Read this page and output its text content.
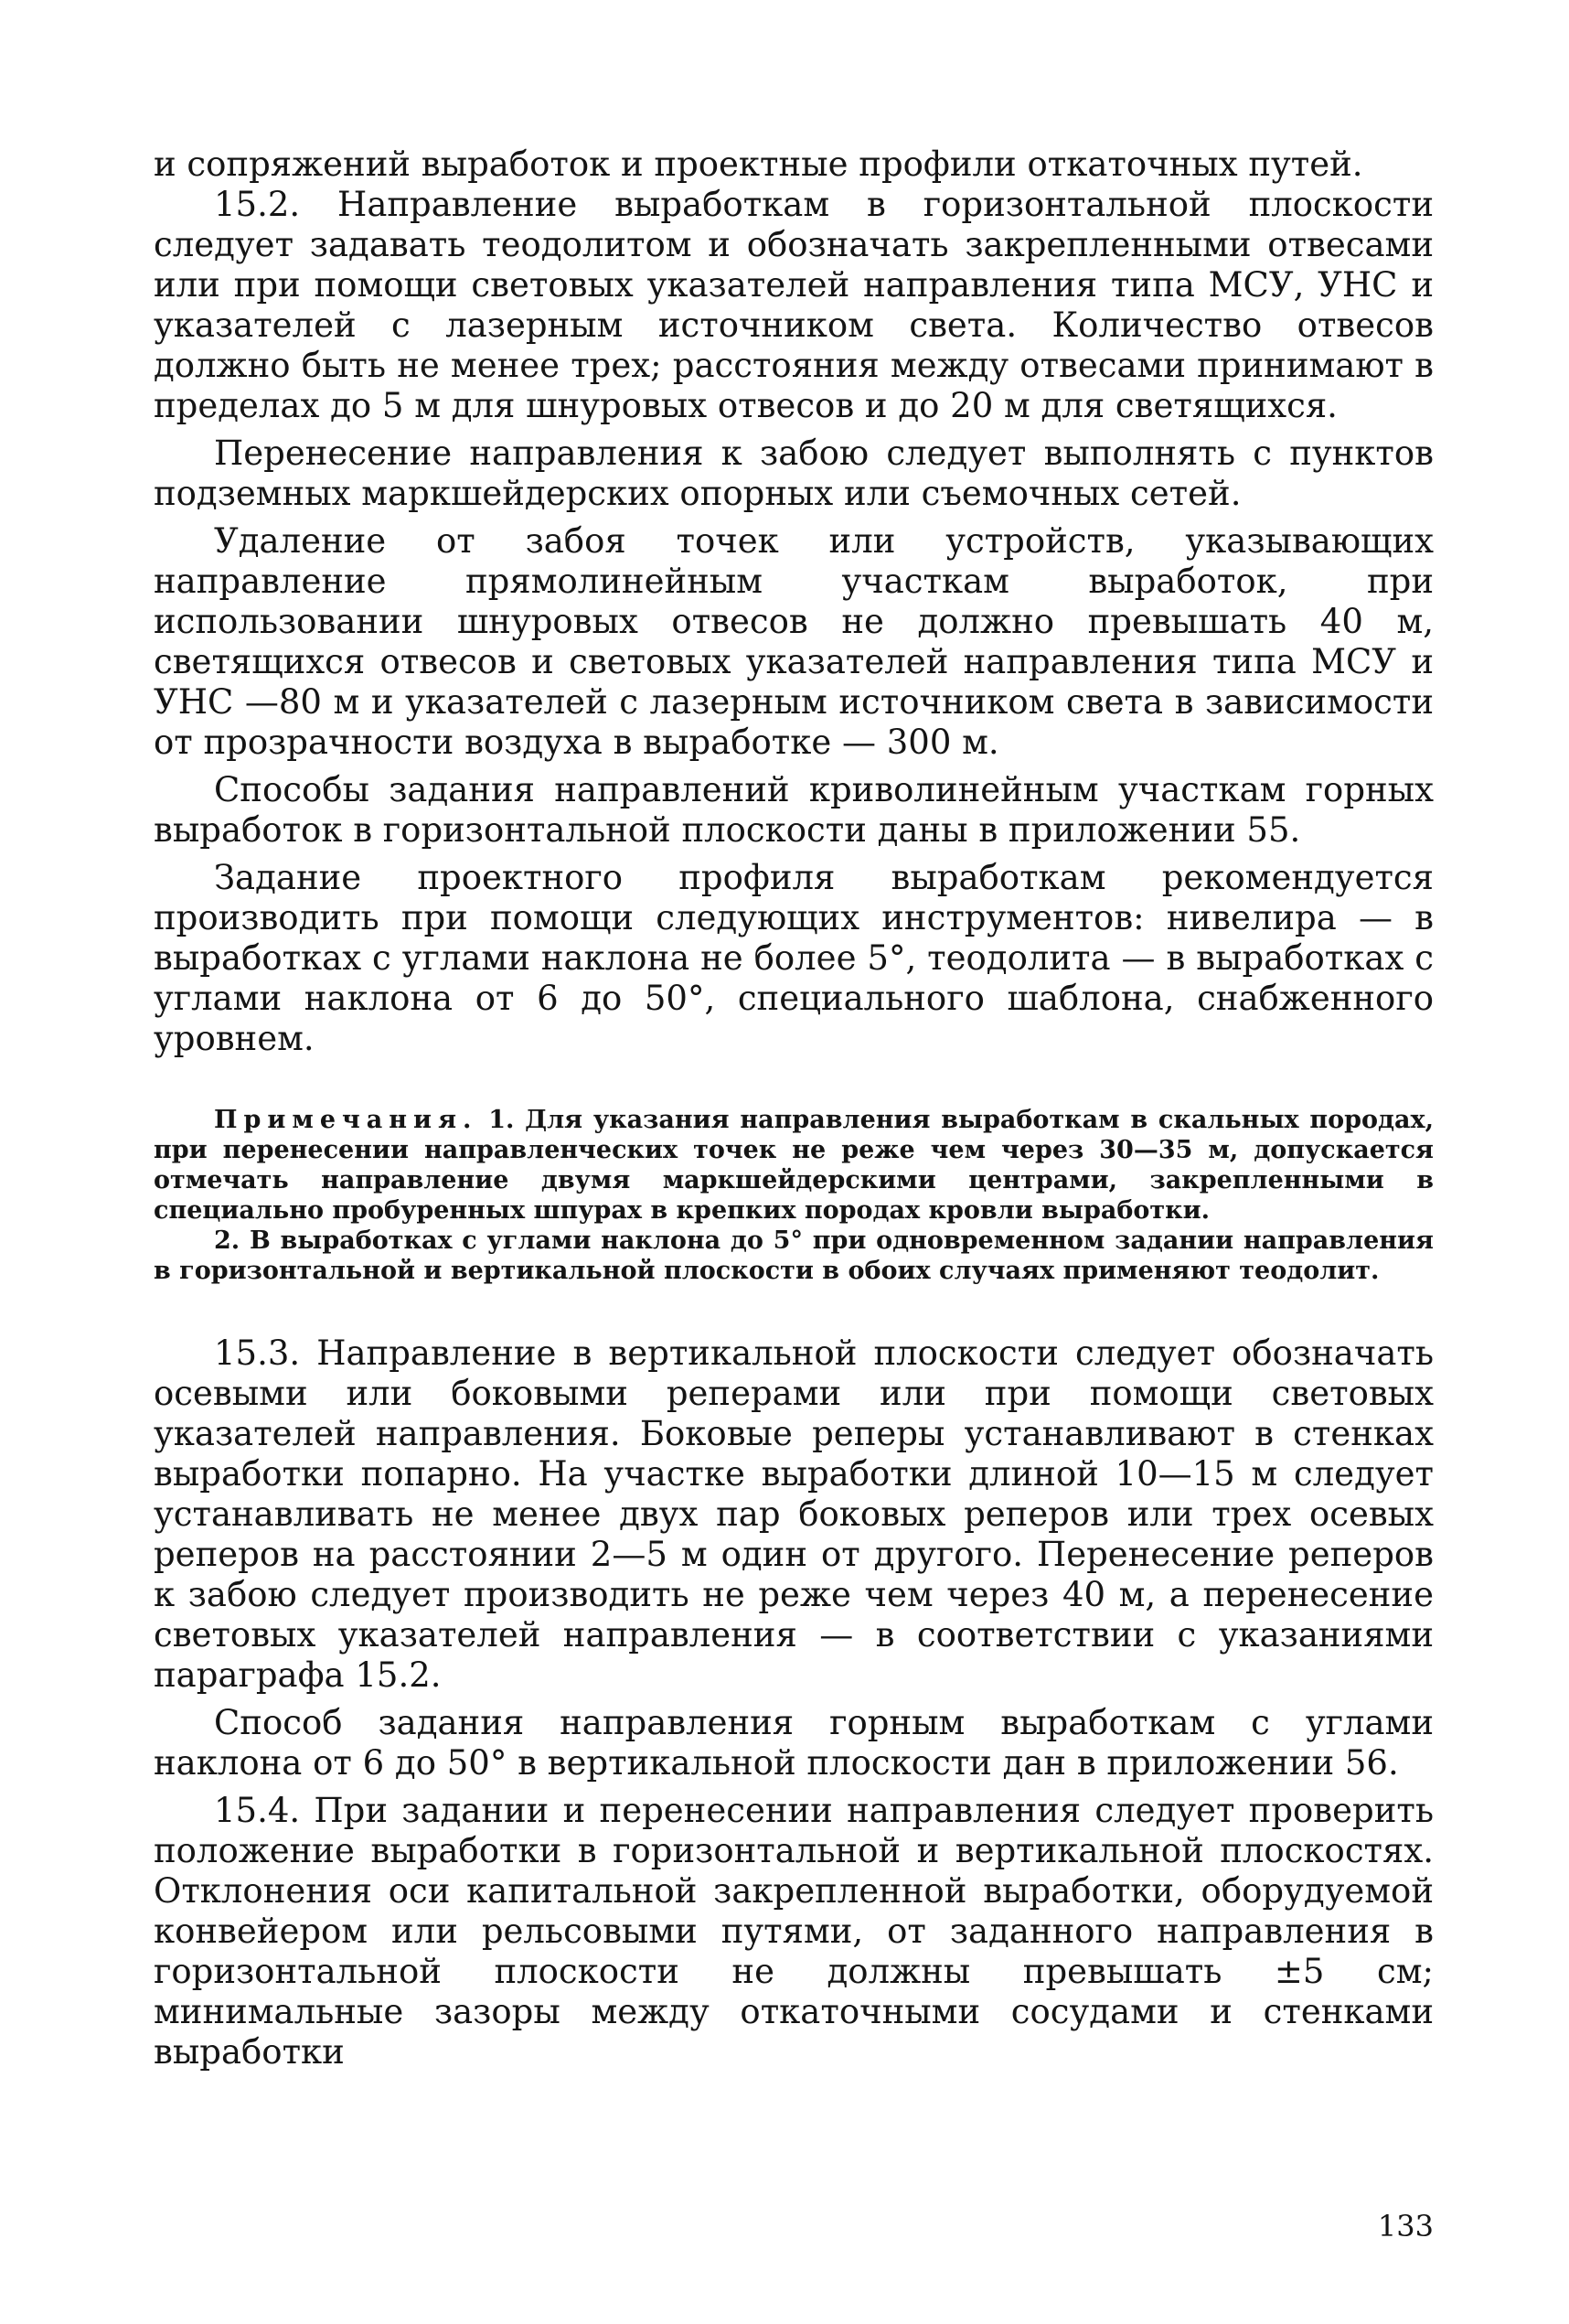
и сопряжений выработок и проектные профили откаточных путей.

15.2. Направление выработкам в горизонтальной плоскости следует задавать теодолитом и обозначать закрепленными отвесами или при помощи световых указателей направления типа МСУ, УНС и указателей с лазерным источником света. Количество отвесов должно быть не менее трех; расстояния между отвесами принимают в пределах до 5 м для шнуровых отвесов и до 20 м для светящихся.

Перенесение направления к забою следует выполнять с пунктов подземных маркшейдерских опорных или съемочных сетей.

Удаление от забоя точек или устройств, указывающих направление прямолинейным участкам выработок, при использовании шнуровых отвесов не должно превышать 40 м, светящихся отвесов и световых указателей направления типа МСУ и УНС —80 м и указателей с лазерным источником света в зависимости от прозрачности воздуха в выработке — 300 м.

Способы задания направлений криволинейным участкам горных выработок в горизонтальной плоскости даны в приложении 55.

Задание проектного профиля выработкам рекомендуется производить при помощи следующих инструментов: нивелира — в выработках с углами наклона не более 5°, теодолита — в выработках с углами наклона от 6 до 50°, специального шаблона, снабженного уровнем.

Примечания. 1. Для указания направления выработкам в скальных породах, при перенесении направленческих точек не реже чем через 30—35 м, допускается отмечать направление двумя маркшейдерскими центрами, закрепленными в специально пробуренных шпурах в крепких породах кровли выработки.

2. В выработках с углами наклона до 5° при одновременном задании направления в горизонтальной и вертикальной плоскости в обоих случаях применяют теодолит.

15.3. Направление в вертикальной плоскости следует обозначать осевыми или боковыми реперами или при помощи световых указателей направления. Боковые реперы устанавливают в стенках выработки попарно. На участке выработки длиной 10—15 м следует устанавливать не менее двух пар боковых реперов или трех осевых реперов на расстоянии 2—5 м один от другого. Перенесение реперов к забою следует производить не реже чем через 40 м, а перенесение световых указателей направления — в соответствии с указаниями параграфа 15.2.

Способ задания направления горным выработкам с углами наклона от 6 до 50° в вертикальной плоскости дан в приложении 56.

15.4. При задании и перенесении направления следует проверить положение выработки в горизонтальной и вертикальной плоскостях. Отклонения оси капитальной закрепленной выработки, оборудуемой конвейером или рельсовыми путями, от заданного направления в горизонтальной плоскости не должны превышать ±5 см; минимальные зазоры между откаточными сосудами и стенками выработки

133
